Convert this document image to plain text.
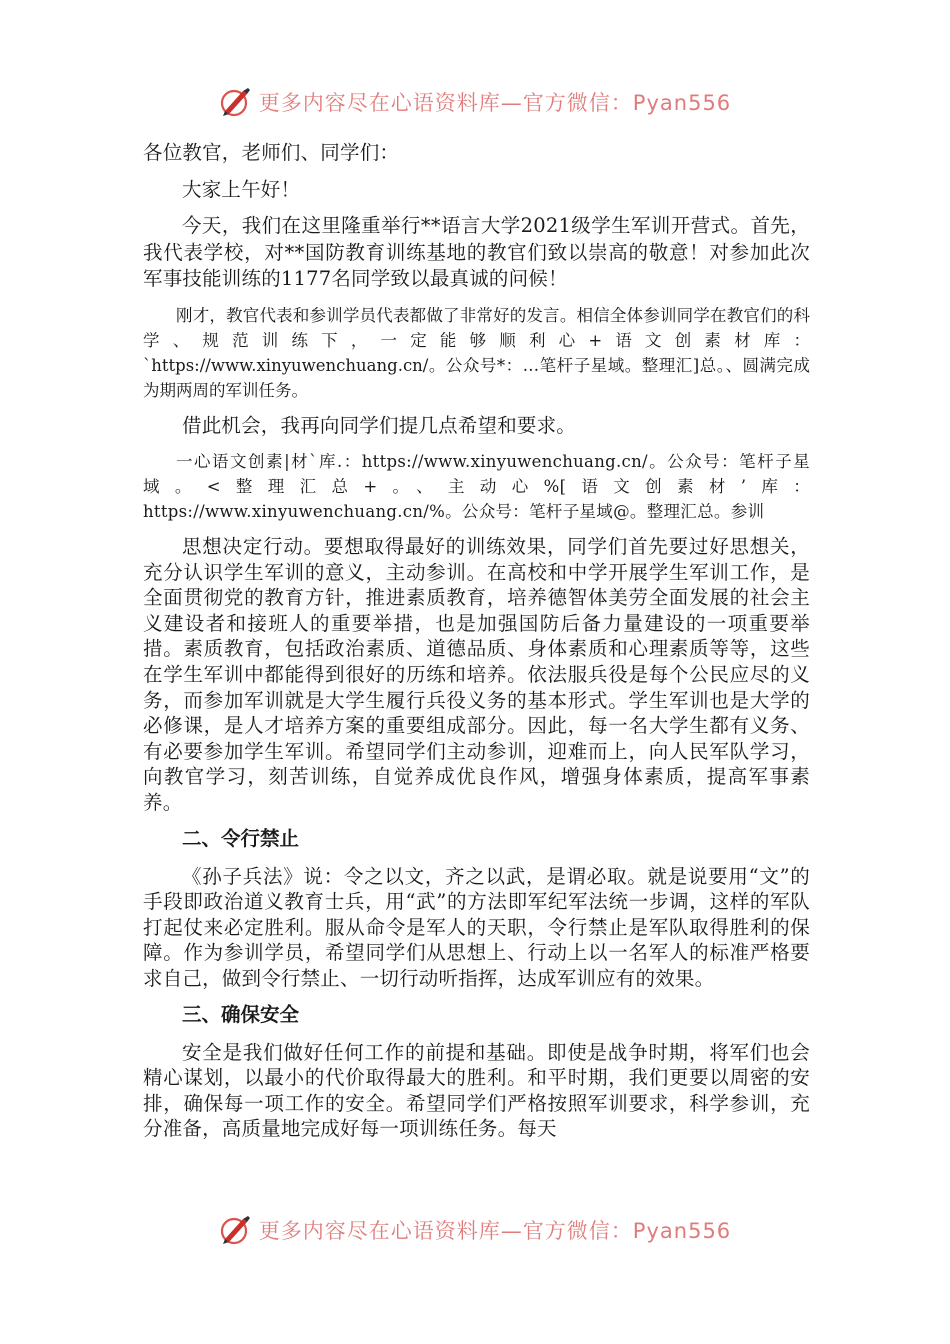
更多内容尽在心语资料库—官方微信：Pyan556

各位教官，老师们、同学们：

大家上午好！

今天，我们在这里隆重举行**语言大学2021级学生军训开营式。首先，我代表学校，对**国防教育训练基地的教官们致以崇高的敬意！对参加此次军事技能训练的1177名同学致以最真诚的问候！

刚才，教官代表和参训学员代表都做了非常好的发言。相信全体参训同学在教官们的科学、规范训练下，一定能够顺利心+语文创素材库：`https://www.xinyuwenchuang.cn/。公众号*：…笔杆子星域。整理汇]总。、圆满完成为期两周的军训任务。

借此机会，我再向同学们提几点希望和要求。

一心语文创素|材`库.：https://www.xinyuwenchuang.cn/。公众号：笔杆子星域。<整理汇总+。、主动心%[语文创素材’库：https://www.xinyuwenchuang.cn/%。公众号：笔杆子星域@。整理汇总。参训

思想决定行动。要想取得最好的训练效果，同学们首先要过好思想关，充分认识学生军训的意义，主动参训。在高校和中学开展学生军训工作，是全面贯彻党的教育方针，推进素质教育，培养德智体美劳全面发展的社会主义建设者和接班人的重要举措，也是加强国防后备力量建设的一项重要举措。素质教育，包括政治素质、道德品质、身体素质和心理素质等等，这些在学生军训中都能得到很好的历练和培养。依法服兵役是每个公民应尽的义务，而参加军训就是大学生履行兵役义务的基本形式。学生军训也是大学的必修课，是人才培养方案的重要组成部分。因此，每一名大学生都有义务、有必要参加学生军训。希望同学们主动参训，迎难而上，向人民军队学习，向教官学习，刻苦训练，自觉养成优良作风，增强身体素质，提高军事素养。

二、令行禁止

《孙子兵法》说：令之以文，齐之以武，是谓必取。就是说要用“文”的手段即政治道义教育士兵，用“武”的方法即军纪军法统一步调，这样的军队打起仗来必定胜利。服从命令是军人的天职，令行禁止是军队取得胜利的保障。作为参训学员，希望同学们从思想上、行动上以一名军人的标准严格要求自己，做到令行禁止、一切行动听指挥，达成军训应有的效果。

三、确保安全

安全是我们做好任何工作的前提和基础。即使是战争时期，将军们也会精心谋划，以最小的代价取得最大的胜利。和平时期，我们更要以周密的安排，确保每一项工作的安全。希望同学们严格按照军训要求，科学参训，充分准备，高质量地完成好每一项训练任务。每天

更多内容尽在心语资料库—官方微信：Pyan556
